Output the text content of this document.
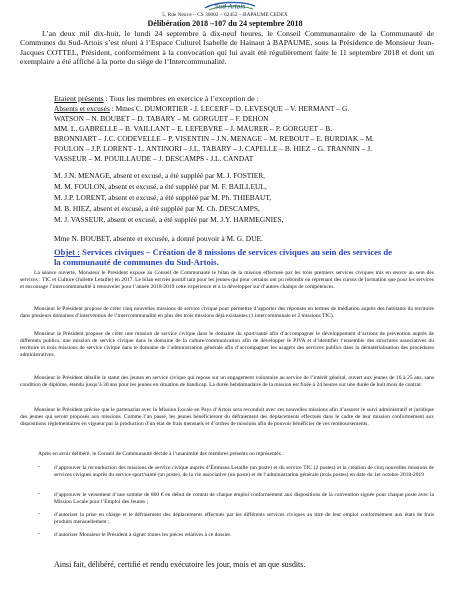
Sud-Artois
5, Rue Neuve – CS 30002 – 62452 – BAPAUME CEDEX
Délibération 2018 –107 du 24 septembre 2018
L’an deux mil dix-huit, le lundi 24 septembre à dix-neuf heures, le Conseil Communautaire de la Communauté de Communes du Sud-Artois s’est réuni à l’Espace Culturel Isabelle de Hainaut à BAPAUME, sous la Présidence de Monsieur Jean-Jacques COTTEL, Président, conformément à la convocation qui lui avait été régulièrement faite le 11 septembre 2018 et dont un exemplaire a été affiché à la porte du siège de l’Intercommunalité.
Etaient présents : Tous les membres en exercice à l’exception de :
Absents et excusés : Mmes C. DUMORTIER - J. LECERF – D. LEVESQUE – V. HERMANT – G.
WATSON – N. BOUBET – D. TABARY – M. GORGUET – F. DEHON
MM. L. GABRELLE – B. VAILLANT – E. LEFEBVRE – J. MAURER – P. GORGUET – B.
BRONNIART – J.C. CODEVELLE – P. VISENTIN – J.N. MENAGE – M. REBOUT – E. BURDIAK – M.
FOULON – J.P. LORENT - L. ANTINORI – J.L. TABARY – J. CAPELLE – B. HIEZ – G. TRANNIN – J.
VASSEUR – M. POUILLAUDE – J. DESCAMPS - J.L. CANDAT
M. J.N. MENAGE, absent et excusé, a été suppléé par M. J. FOSTIER,
M. M. FOULON, absent et excusé, a été suppléé par M. F. BAILLEUL,
M. J.P. LORENT, absent et excusé, a été suppléé par M. Ph. THIEBAUT,
M. B. HIEZ, absent et excusé, a été suppléé par M. Ch. DESCAMPS,
M. J. VASSEUR, absent et excusé, a été suppléé par M. J.Y. HARMEGNIES,
Mme N. BOUBET, absente et excusée, a donné pouvoir à M. G. DUE.
Objet : Services civiques – Création de 8 missions de services civiques au sein des services de la communauté de communes du Sud-Artois.
La séance ouverte, Monsieur le Président expose au Conseil de Communauté le bilan de la mission effectuée par les trois premiers services civiques mis en œuvre au sein des services : TIC et Culture (Juliette Letaille) en 2017. Le bilan est très positif tant pour les jeunes qui pour certains ont pu rebondir en reprenant des cursus de formation que pour les services et encourage l’intercommunalité à renouveler pour l’année 2018-2019 cette expérience et à la développer sur d’autres champs de compétences.
Monsieur le Président propose de créer cinq nouvelles missions de service civique pour permettre d’apporter des réponses en termes de médiation auprès des habitants du territoire dans plusieurs domaines d’intervention de l’intercommunalité en plus des trois missions déjà existantes (1 intercommunale et 2 missions TIC).
Monsieur le Président propose de créer une mission de service civique dans le domaine du sport/santé afin d’accompagner le développement d’actions de prévention auprès de différents publics, une mission de service civique dans le domaine de la culture/communication afin de développer le PIVA et d’identifier l’ensemble des structures associatives du territoire et trois missions de service civique dans le domaine de l’administration générale afin d’accompagner les usagers des services publics dans la dématérialisation des procédures administratives.
Monsieur le Président détaille le statut des jeunes en service civique qui repose sur un engagement volontaire au service de l’intérêt général, ouvert aux jeunes de 16 à 25 ans, sans condition de diplôme, étendu jusqu’à 30 ans pour les jeunes en situation de handicap. La durée hebdomadaire de la mission est fixée à 24 heures sur une durée de huit mois de contrat.
Monsieur le Président précise que le partenariat avec la Mission Locale en Pays d’Artois sera reconduit avec ces nouvelles missions afin d’assurer le suivi administratif et juridique des jeunes qui seront proposés aux missions. Comme l’an passé, les jeunes bénéficieront du défraiement des déplacements effectués dans le cadre de leur mission conformément aux dispositions réglementaires en vigueur par la production d’un état de frais mensuels et d’ordres de missions afin de pouvoir bénéficier de ces remboursements.
Après en avoir délibéré, le Conseil de Communauté décide à l’unanimité des membres présents ou représentés :
-	d’approuver la reconduction des missions de service civique auprès d’Émmaus Letaille (un poste) et du service TIC (2 postes) et la création de cinq nouvelles missions de services civiques auprès du service sport/santé (un poste), de la vie associative (un poste) et de l’administration générale (trois postes) en date du 1er octobre 2018-2019
-	d’approuver le versement d’une somme de 800 € en début de contrat de chaque emploi conformément aux dispositions de la convention signée pour chaque poste avec la Mission Locale pour l’Emploi des Jeunes ;
-	d’autoriser la prise en charge et le défraiement des déplacements effectués par les différents services civiques au titre de leur emploi conformément aux états de frais produits mensuellement ;
-	d’autoriser Monsieur le Président à signer toutes les pièces relatives à ce dossier.
Ainsi fait, délibéré, certifié et rendu exécutoire les jour, mois et an que susdits.
